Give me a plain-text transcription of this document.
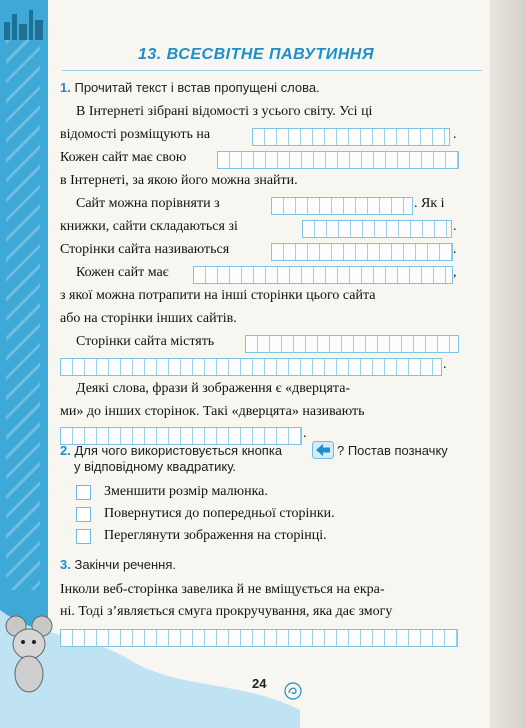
13. ВСЕСВІТНЕ ПАВУТИННЯ
1. Прочитай текст і встав пропущені слова.
В Інтернеті зібрані відомості з усього світу. Усі ці
відомості розміщують на	.
Кожен сайт має свою
в Інтернеті, за якою його можна знайти.
Сайт можна порівняти з	. Як і
книжки, сайти складаються зі	.
Сторінки сайта називаються	.
Кожен сайт має	,
з якої можна потрапити на інші сторінки цього сайта
або на сторінки інших сайтів.
Сторінки сайта містять
.
Деякі слова, фрази й зображення є «дверцята-
ми» до інших сторінок. Такі «дверцята» називають
.
2. Для чого використовується кнопка	? Постав позначку
у відповідному квадратику.
Зменшити розмір малюнка.
Повернутися до попередньої сторінки.
Переглянути зображення на сторінці.
3. Закінчи речення.
Інколи веб-сторінка завелика й не вміщується на екра-
ні. Тоді з’являється смуга прокручування, яка дає змогу
24
